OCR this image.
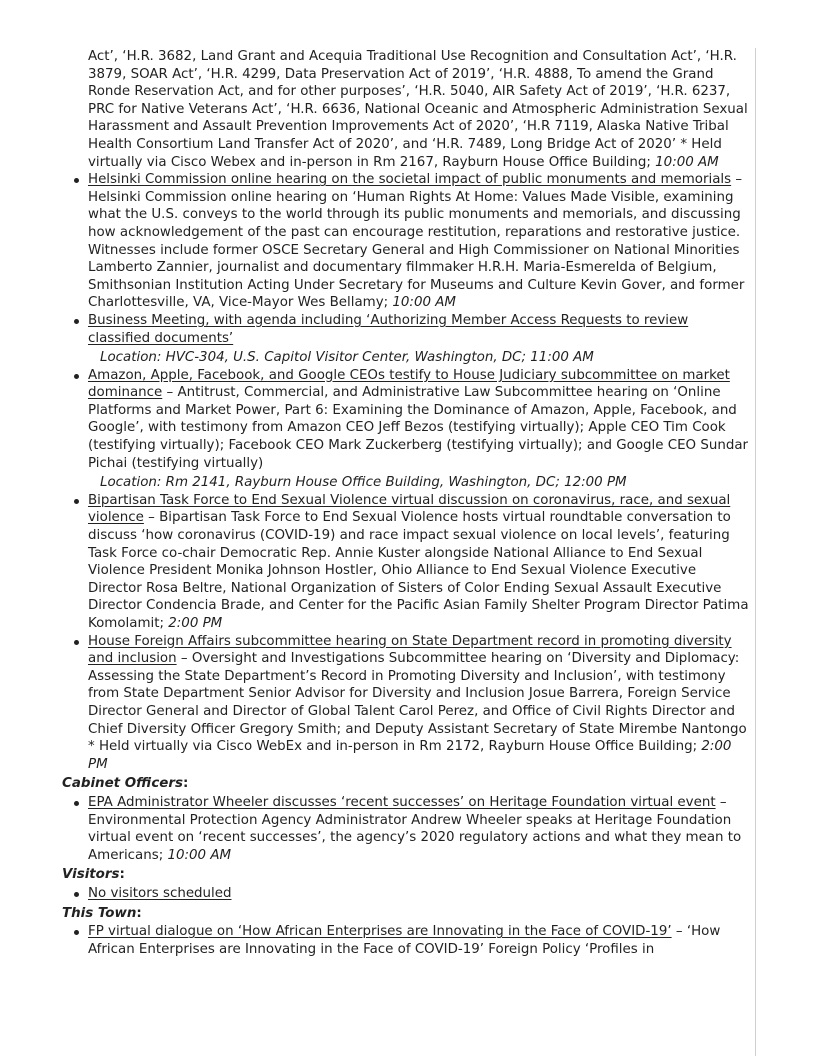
Act’, ‘H.R. 3682, Land Grant and Acequia Traditional Use Recognition and Consultation Act’, ‘H.R. 3879, SOAR Act’, ‘H.R. 4299, Data Preservation Act of 2019’, ‘H.R. 4888, To amend the Grand Ronde Reservation Act, and for other purposes’, ‘H.R. 5040, AIR Safety Act of 2019’, ‘H.R. 6237, PRC for Native Veterans Act’, ‘H.R. 6636, National Oceanic and Atmospheric Administration Sexual Harassment and Assault Prevention Improvements Act of 2020’, ‘H.R 7119, Alaska Native Tribal Health Consortium Land Transfer Act of 2020’, and ‘H.R. 7489, Long Bridge Act of 2020’ * Held virtually via Cisco Webex and in-person in Rm 2167, Rayburn House Office Building; 10:00 AM
Helsinki Commission online hearing on the societal impact of public monuments and memorials – Helsinki Commission online hearing on ‘Human Rights At Home: Values Made Visible, examining what the U.S. conveys to the world through its public monuments and memorials, and discussing how acknowledgement of the past can encourage restitution, reparations and restorative justice. Witnesses include former OSCE Secretary General and High Commissioner on National Minorities Lamberto Zannier, journalist and documentary filmmaker H.R.H. Maria-Esmerelda of Belgium, Smithsonian Institution Acting Under Secretary for Museums and Culture Kevin Gover, and former Charlottesville, VA, Vice-Mayor Wes Bellamy; 10:00 AM
Business Meeting, with agenda including ‘Authorizing Member Access Requests to review classified documents’
Location: HVC-304, U.S. Capitol Visitor Center, Washington, DC; 11:00 AM
Amazon, Apple, Facebook, and Google CEOs testify to House Judiciary subcommittee on market dominance – Antitrust, Commercial, and Administrative Law Subcommittee hearing on ‘Online Platforms and Market Power, Part 6: Examining the Dominance of Amazon, Apple, Facebook, and Google’, with testimony from Amazon CEO Jeff Bezos (testifying virtually); Apple CEO Tim Cook (testifying virtually); Facebook CEO Mark Zuckerberg (testifying virtually); and Google CEO Sundar Pichai (testifying virtually)
Location: Rm 2141, Rayburn House Office Building, Washington, DC; 12:00 PM
Bipartisan Task Force to End Sexual Violence virtual discussion on coronavirus, race, and sexual violence – Bipartisan Task Force to End Sexual Violence hosts virtual roundtable conversation to discuss ‘how coronavirus (COVID-19) and race impact sexual violence on local levels’, featuring Task Force co-chair Democratic Rep. Annie Kuster alongside National Alliance to End Sexual Violence President Monika Johnson Hostler, Ohio Alliance to End Sexual Violence Executive Director Rosa Beltre, National Organization of Sisters of Color Ending Sexual Assault Executive Director Condencia Brade, and Center for the Pacific Asian Family Shelter Program Director Patima Komolamit; 2:00 PM
House Foreign Affairs subcommittee hearing on State Department record in promoting diversity and inclusion – Oversight and Investigations Subcommittee hearing on ‘Diversity and Diplomacy: Assessing the State Department’s Record in Promoting Diversity and Inclusion’, with testimony from State Department Senior Advisor for Diversity and Inclusion Josue Barrera, Foreign Service Director General and Director of Global Talent Carol Perez, and Office of Civil Rights Director and Chief Diversity Officer Gregory Smith; and Deputy Assistant Secretary of State Mirembe Nantongo * Held virtually via Cisco WebEx and in-person in Rm 2172, Rayburn House Office Building; 2:00 PM
Cabinet Officers:
EPA Administrator Wheeler discusses ‘recent successes’ on Heritage Foundation virtual event – Environmental Protection Agency Administrator Andrew Wheeler speaks at Heritage Foundation virtual event on ‘recent successes’, the agency’s 2020 regulatory actions and what they mean to Americans; 10:00 AM
Visitors:
No visitors scheduled
This Town:
FP virtual dialogue on ‘How African Enterprises are Innovating in the Face of COVID-19’ – ‘How African Enterprises are Innovating in the Face of COVID-19’ Foreign Policy ‘Profiles in
